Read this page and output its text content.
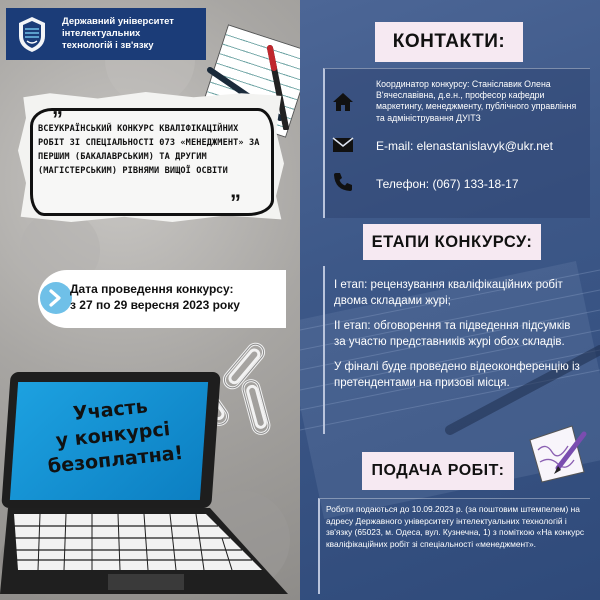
Державний університет
інтелектуальних
технологій і зв'язку
„
”
ВСЕУКРАЇНСЬКИЙ КОНКУРС КВАЛІФІКАЦІЙНИХ РОБІТ ЗІ СПЕЦІАЛЬНОСТІ 073 «МЕНЕДЖМЕНТ» ЗА ПЕРШИМ (БАКАЛАВРСЬКИМ) ТА ДРУГИМ (МАГІСТЕРСЬКИМ) РІВНЯМИ ВИЩОЇ ОСВІТИ
Дата проведення конкурсу:
з 27 по 29 вересня 2023 року
Участь
у конкурсі
безоплатна!
КОНТАКТИ:
Координатор конкурсу: Станіславик Олена В'ячеславівна, д.е.н., професор кафедри маркетингу, менеджменту, публічного управління та адміністрування ДУІТЗ
E-mail: elenastanislavyk@ukr.net
Телефон: (067) 133-18-17
ЕТАПИ КОНКУРСУ:

І етап: рецензування кваліфікаційних робіт двома складами журі;

ІІ етап: обговорення та підведення підсумків за участю представників журі обох складів.

У фіналі буде проведено відеоконференцію із претендентами на призові місця.

ПОДАЧА РОБІТ:
Роботи подаються до 10.09.2023 р. (за поштовим штемпелем) на адресу Державного університету інтелектуальних технологій і зв'язку (65023, м. Одеса, вул. Кузнечна, 1) з поміткою «На конкурс кваліфікаційних робіт зі спеціальності «менеджмент».
